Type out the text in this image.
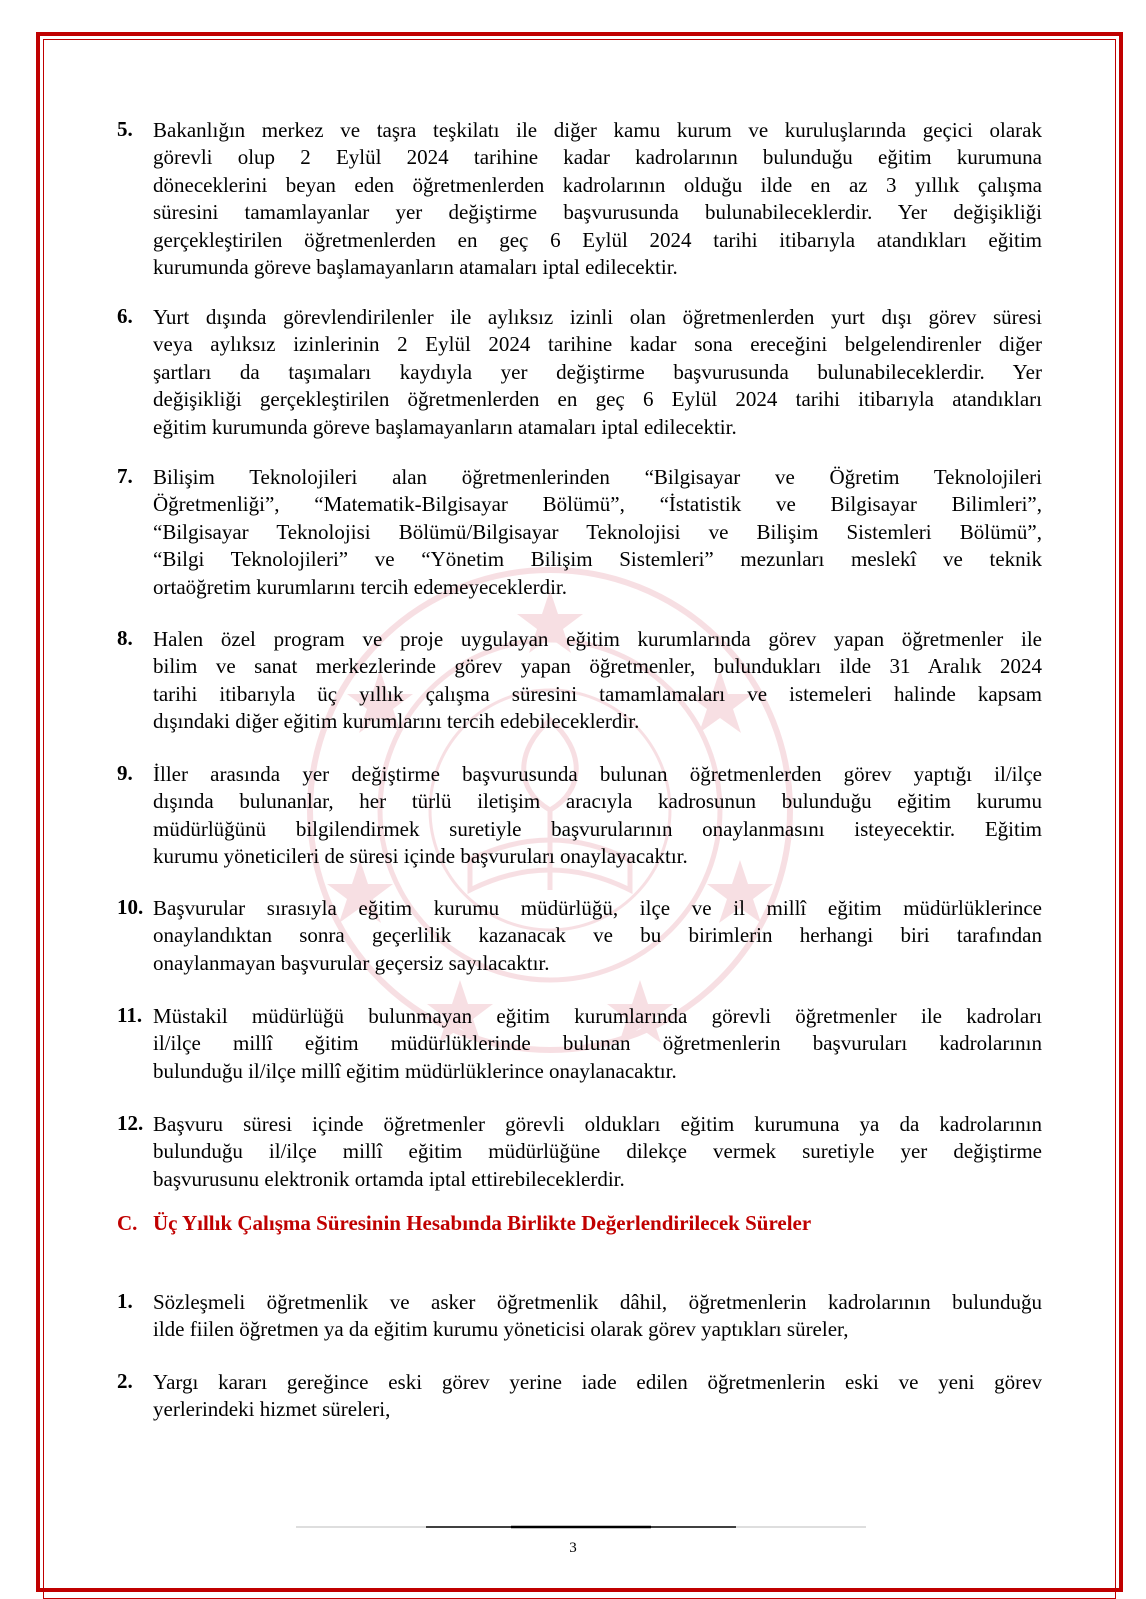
5. Bakanlığın merkez ve taşra teşkilatı ile diğer kamu kurum ve kuruluşlarında geçici olarak
görevli olup 2 Eylül 2024 tarihine kadar kadrolarının bulunduğu eğitim kurumuna
döneceklerini beyan eden öğretmenlerden kadrolarının olduğu ilde en az 3 yıllık çalışma
süresini tamamlayanlar yer değiştirme başvurusunda bulunabileceklerdir. Yer değişikliği
gerçekleştirilen öğretmenlerden en geç 6 Eylül 2024 tarihi itibarıyla atandıkları eğitim
kurumunda göreve başlamayanların atamaları iptal edilecektir.
6. Yurt dışında görevlendirilenler ile aylıksız izinli olan öğretmenlerden yurt dışı görev süresi
veya aylıksız izinlerinin 2 Eylül 2024 tarihine kadar sona ereceğini belgelendirenler diğer
şartları da taşımaları kaydıyla yer değiştirme başvurusunda bulunabileceklerdir. Yer
değişikliği gerçekleştirilen öğretmenlerden en geç 6 Eylül 2024 tarihi itibarıyla atandıkları
eğitim kurumunda göreve başlamayanların atamaları iptal edilecektir.
7. Bilişim Teknolojileri alan öğretmenlerinden “Bilgisayar ve Öğretim Teknolojileri
Öğretmenliği”, “Matematik-Bilgisayar Bölümü”, “İstatistik ve Bilgisayar Bilimleri”,
“Bilgisayar Teknolojisi Bölümü/Bilgisayar Teknolojisi ve Bilişim Sistemleri Bölümü”,
“Bilgi Teknolojileri” ve “Yönetim Bilişim Sistemleri” mezunları meslekî ve teknik
ortaöğretim kurumlarını tercih edemeyeceklerdir.
8. Halen özel program ve proje uygulayan eğitim kurumlarında görev yapan öğretmenler ile
bilim ve sanat merkezlerinde görev yapan öğretmenler, bulundukları ilde 31 Aralık 2024
tarihi itibarıyla üç yıllık çalışma süresini tamamlamaları ve istemeleri halinde kapsam
dışındaki diğer eğitim kurumlarını tercih edebileceklerdir.
9. İller arasında yer değiştirme başvurusunda bulunan öğretmenlerden görev yaptığı il/ilçe
dışında bulunanlar, her türlü iletişim aracıyla kadrosunun bulunduğu eğitim kurumu
müdürlüğünü bilgilendirmek suretiyle başvurularının onaylanmasını isteyecektir. Eğitim
kurumu yöneticileri de süresi içinde başvuruları onaylayacaktır.
10. Başvurular sırasıyla eğitim kurumu müdürlüğü, ilçe ve il millî eğitim müdürlüklerince
onaylandıktan sonra geçerlilik kazanacak ve bu birimlerin herhangi biri tarafından
onaylanmayan başvurular geçersiz sayılacaktır.
11. Müstakil müdürlüğü bulunmayan eğitim kurumlarında görevli öğretmenler ile kadroları
il/ilçe millî eğitim müdürlüklerinde bulunan öğretmenlerin başvuruları kadrolarının
bulunduğu il/ilçe millî eğitim müdürlüklerince onaylanacaktır.
12. Başvuru süresi içinde öğretmenler görevli oldukları eğitim kurumuna ya da kadrolarının
bulunduğu il/ilçe millî eğitim müdürlüğüne dilekçe vermek suretiyle yer değiştirme
başvurusunu elektronik ortamda iptal ettirebileceklerdir.
C. Üç Yıllık Çalışma Süresinin Hesabında Birlikte Değerlendirilecek Süreler
1. Sözleşmeli öğretmenlik ve asker öğretmenlik dâhil, öğretmenlerin kadrolarının bulunduğu
ilde fiilen öğretmen ya da eğitim kurumu yöneticisi olarak görev yaptıkları süreler,
2. Yargı kararı gereğince eski görev yerine iade edilen öğretmenlerin eski ve yeni görev
yerlerindeki hizmet süreleri,
3
